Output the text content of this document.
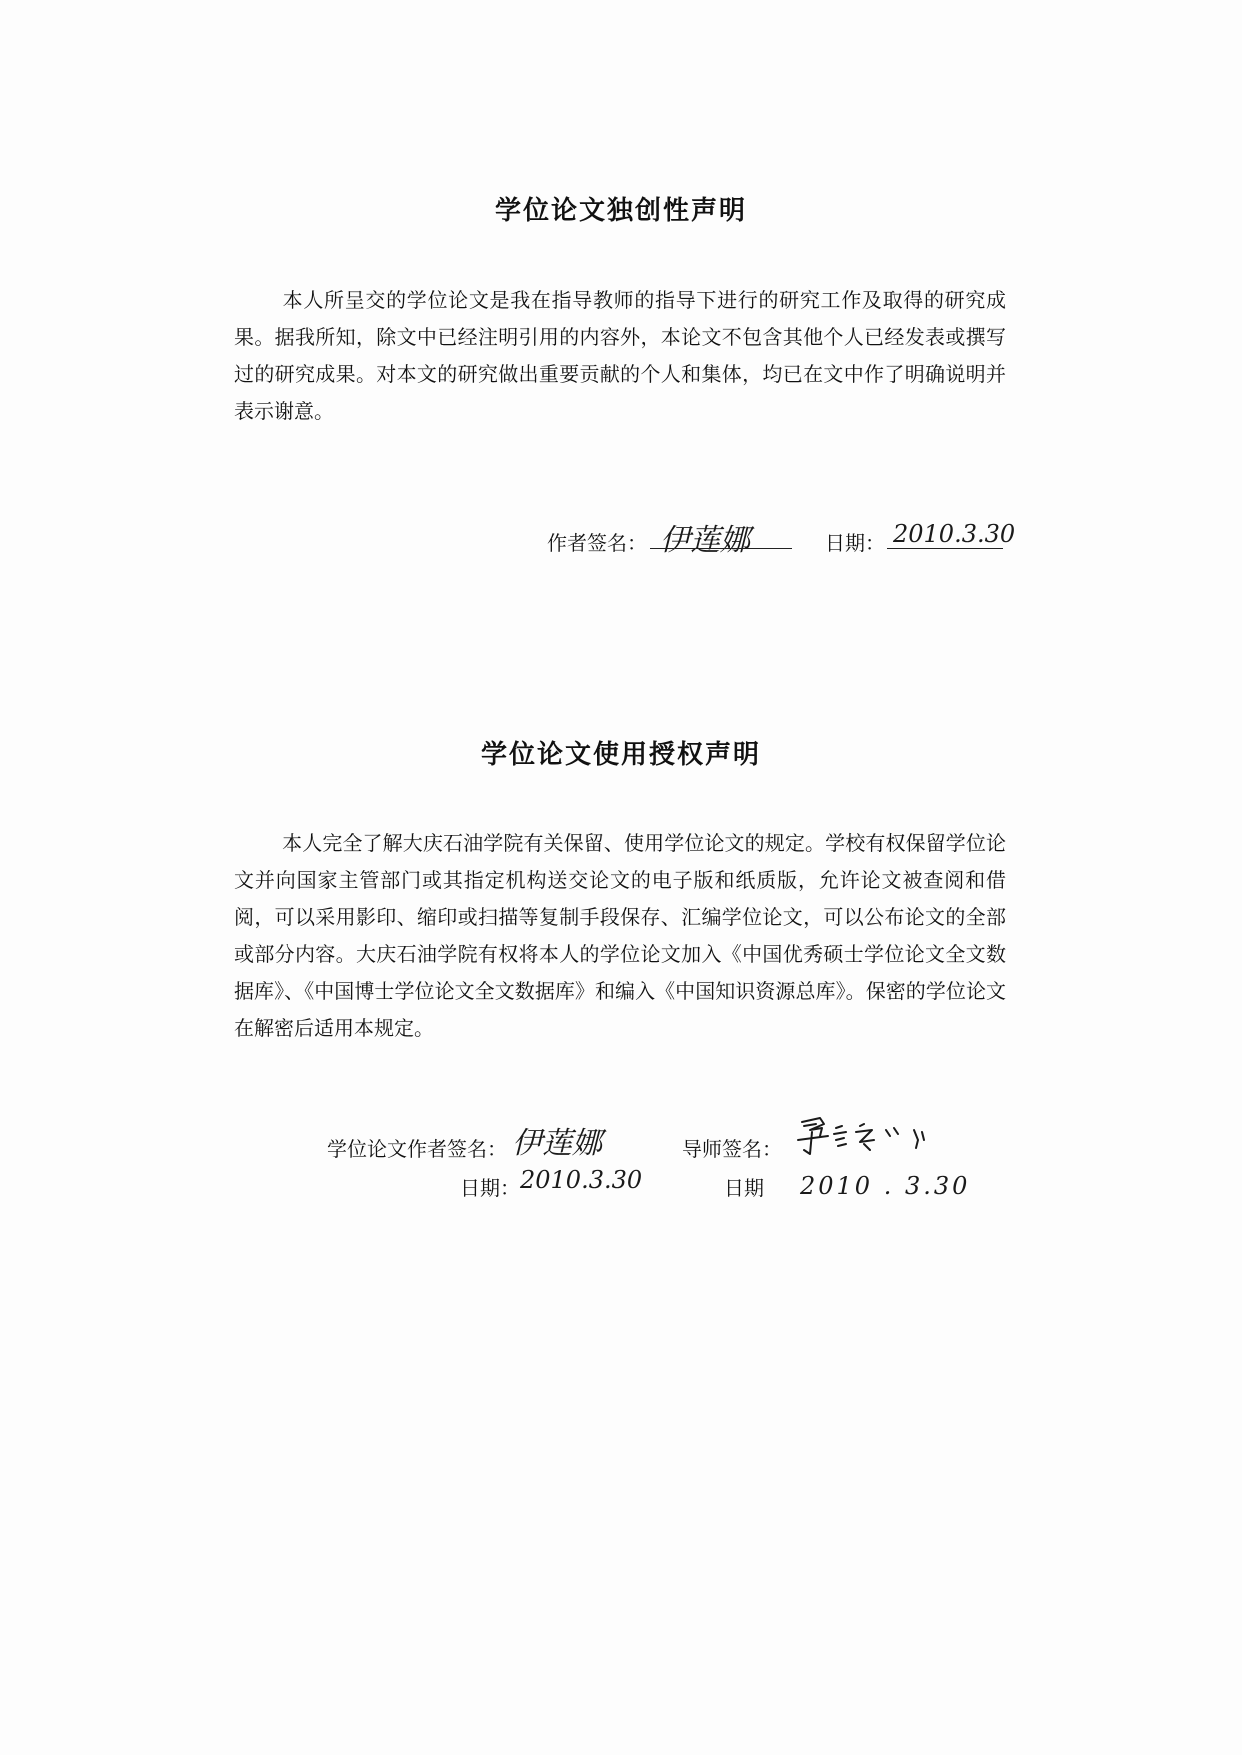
学位论文独创性声明

本人所呈交的学位论文是我在指导教师的指导下进行的研究工作及取得的研究成果。据我所知，除文中已经注明引用的内容外，本论文不包含其他个人已经发表或撰写过的研究成果。对本文的研究做出重要贡献的个人和集体，均已在文中作了明确说明并表示谢意。

作者签名： 伊莲娜	日期： 2010.3.30
学位论文使用授权声明

本人完全了解大庆石油学院有关保留、使用学位论文的规定。学校有权保留学位论文并向国家主管部门或其指定机构送交论文的电子版和纸质版，允许论文被查阅和借阅，可以采用影印、缩印或扫描等复制手段保存、汇编学位论文，可以公布论文的全部或部分内容。大庆石油学院有权将本人的学位论文加入《中国优秀硕士学位论文全文数据库》、《中国博士学位论文全文数据库》和编入《中国知识资源总库》。保密的学位论文在解密后适用本规定。

学位论文作者签名： 伊莲娜	导师签名：
日期： 2010.3.30	日期 2010 . 3.30
